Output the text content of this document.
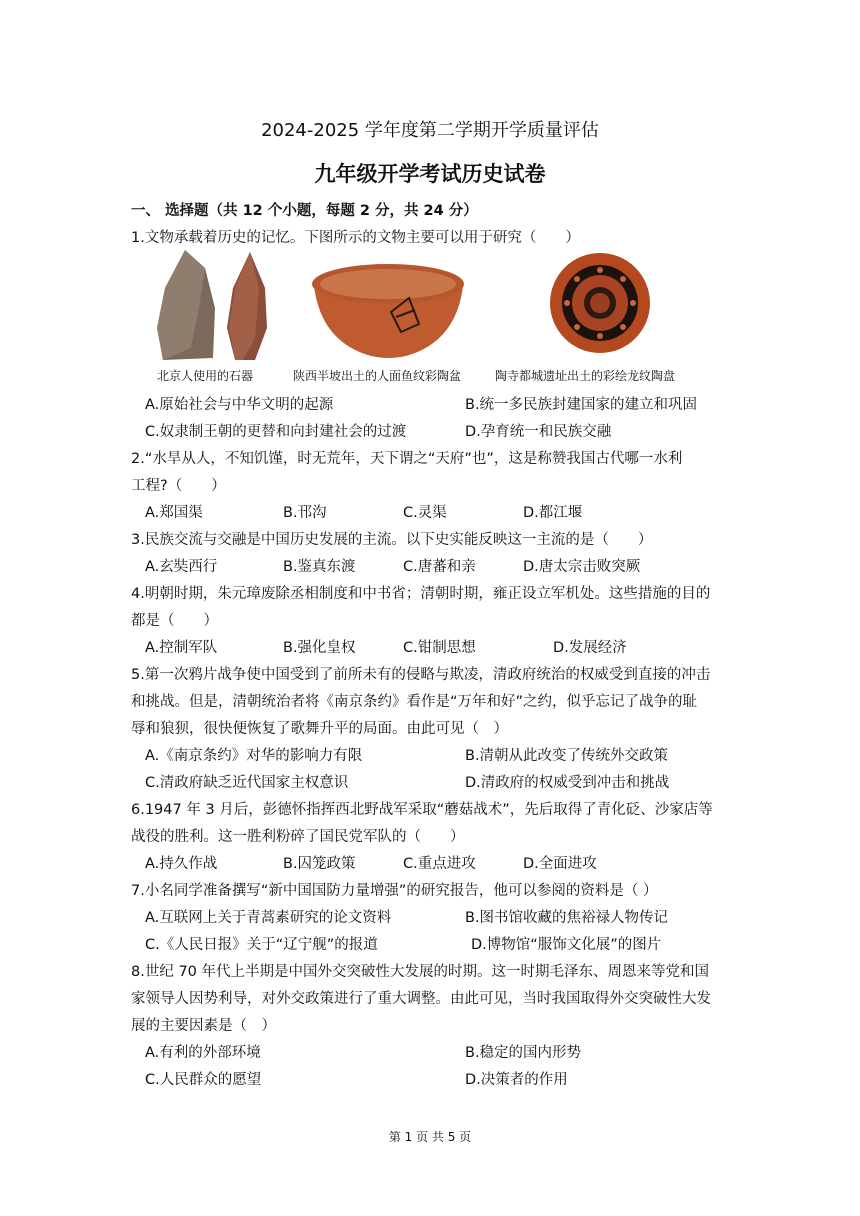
2024-2025 学年度第二学期开学质量评估
九年级开学考试历史试卷
一、 选择题（共 12 个小题，每题 2 分，共 24 分）
1.文物承载着历史的记忆。下图所示的文物主要可以用于研究（　　）
北京人使用的石器	陕西半坡出土的人面鱼纹彩陶盆	陶寺都城遗址出土的彩绘龙纹陶盘
A.原始社会与中华文明的起源	B.统一多民族封建国家的建立和巩固
C.奴隶制王朝的更替和向封建社会的过渡	D.孕育统一和民族交融
2.“水旱从人，不知饥馑，时无荒年，天下谓之“天府”也”，这是称赞我国古代哪一水利
工程?（　　）
A.郑国渠	B.邗沟	C.灵渠	D.都江堰
3.民族交流与交融是中国历史发展的主流。以下史实能反映这一主流的是（　　）
A.玄奘西行	B.鉴真东渡	C.唐蕃和亲	D.唐太宗击败突厥
4.明朝时期，朱元璋废除丞相制度和中书省；清朝时期，雍正设立军机处。这些措施的目的
都是（　　）
A.控制军队	B.强化皇权	C.钳制思想	D.发展经济
5.第一次鸦片战争使中国受到了前所未有的侵略与欺凌，清政府统治的权威受到直接的冲击
和挑战。但是，清朝统治者将《南京条约》看作是“万年和好”之约，似乎忘记了战争的耻
辱和狼狈，很快便恢复了歌舞升平的局面。由此可见（　）
A.《南京条约》对华的影响力有限	B.清朝从此改变了传统外交政策
C.清政府缺乏近代国家主权意识	D.清政府的权威受到冲击和挑战
6.1947 年 3 月后，彭德怀指挥西北野战军采取“蘑菇战术”，先后取得了青化砭、沙家店等
战役的胜利。这一胜利粉碎了国民党军队的（　　）
A.持久作战	B.囚笼政策	C.重点进攻	D.全面进攻
7.小名同学准备撰写“新中国国防力量增强”的研究报告，他可以参阅的资料是（ ）
A.互联网上关于青蒿素研究的论文资料	B.图书馆收藏的焦裕禄人物传记
C.《人民日报》关于“辽宁舰”的报道	D.博物馆“服饰文化展”的图片
8.世纪 70 年代上半期是中国外交突破性大发展的时期。这一时期毛泽东、周恩来等党和国
家领导人因势利导，对外交政策进行了重大调整。由此可见，当时我国取得外交突破性大发
展的主要因素是（　）
A.有利的外部环境	B.稳定的国内形势
C.人民群众的愿望	D.决策者的作用
第 1 页 共 5 页
